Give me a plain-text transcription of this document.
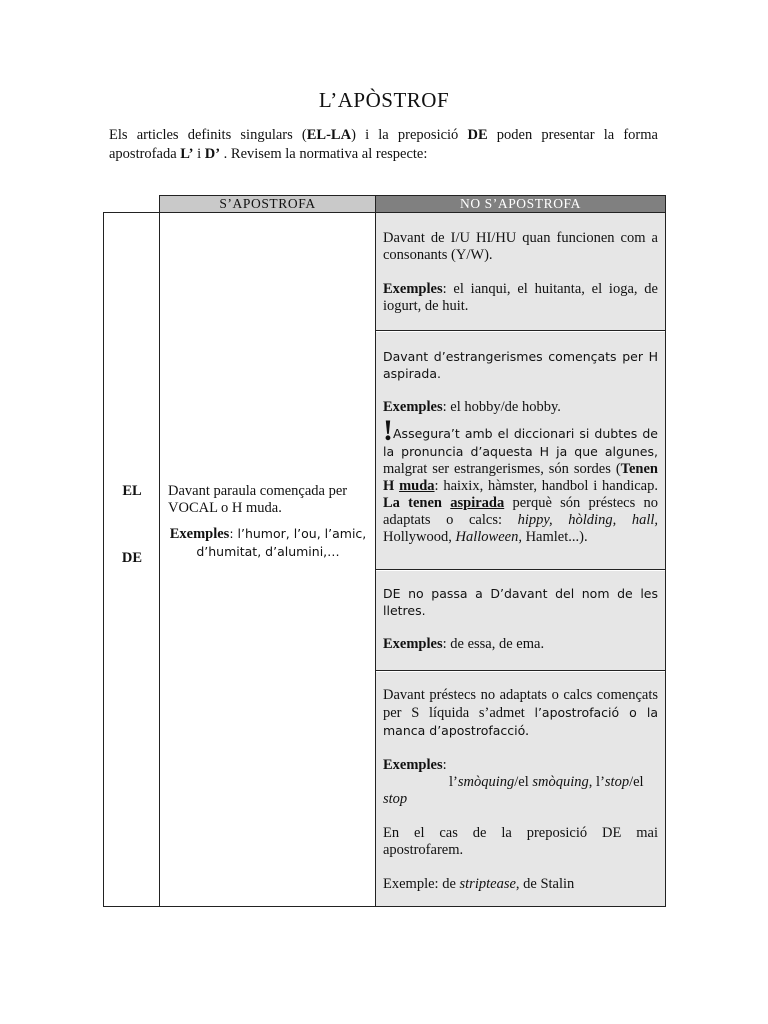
L’APÒSTROF
Els articles definits singulars (EL-LA) i la preposició DE poden presentar la forma apostrofada L’ i D’ . Revisem la normativa al respecte:
S’APOSTROFA	NO S’APOSTROFA
EL
DE
Davant paraula començada per VOCAL o H muda.
Exemples: l’humor, l’ou, l’amic, d’humitat, d’alumini,…

Davant de I/U HI/HU quan funcionen com a consonants (Y/W).

Exemples: el ianqui, el huitanta, el ioga, de iogurt, de huit.

Davant d’estrangerismes començats per H aspirada.

Exemples: el hobby/de hobby.

!Assegura’t amb el diccionari si dubtes de la pronuncia d’aquesta H ja que algunes, malgrat ser estrangerismes, són sordes (Tenen H muda: haixix, hàmster, handbol i handicap. La tenen aspirada perquè són préstecs no adaptats o calcs: hippy, hòlding, hall, Hollywood, Halloween, Hamlet...).

DE no passa a D’davant del nom de les lletres.

Exemples: de essa, de ema.

Davant préstecs no adaptats o calcs començats per S líquida s’admet l’apostrofació o la manca d’apostrofacció.

Exemples:

l’smòquing/el smòquing, l’stop/el

stop

En el cas de la preposició DE mai apostrofarem.

Exemple: de striptease, de Stalin
